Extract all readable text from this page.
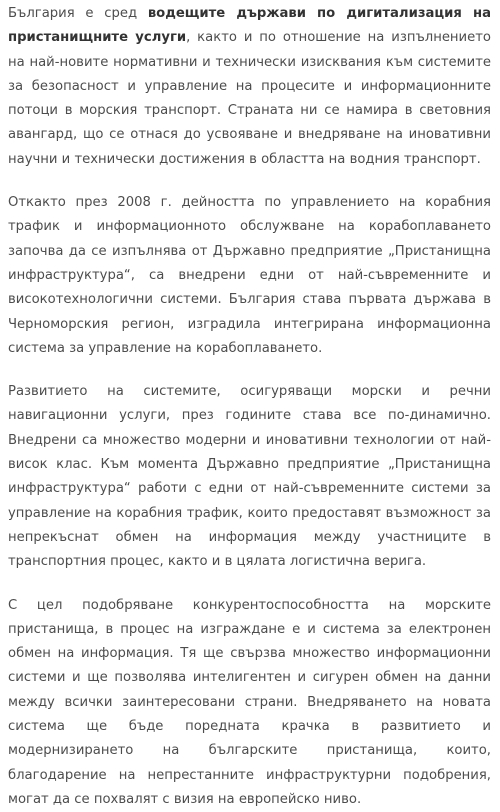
България е сред водещите държави по дигитализация на пристанищните услуги, както и по отношение на изпълнението на най-новите нормативни и технически изисквания към системите за безопасност и управление на процесите и информационните потоци в морския транспорт. Страната ни се намира в световния авангард, що се отнася до усвояване и внедряване на иновативни научни и технически достижения в областта на водния транспорт.

Откакто през 2008 г. дейността по управлението на корабния трафик и информационното обслужване на корабоплаването започва да се изпълнява от Държавно предприятие „Пристанищна инфраструктура“, са внедрени едни от най-съвременните и високотехнологични системи. България става първата държава в Черноморския регион, изградила интегрирана информационна система за управление на корабоплаването.

Развитието на системите, осигуряващи морски и речни навигационни услуги, през годините става все по-динамично. Внедрени са множество модерни и иновативни технологии от най-висок клас. Към момента Държавно предприятие „Пристанищна инфраструктура“ работи с едни от най-съвременните системи за управление на корабния трафик, които предоставят възможност за непрекъснат обмен на информация между участниците в транспортния процес, както и в цялата логистична верига.

С цел подобряване конкурентоспособността на морските пристанища, в процес на изграждане е и система за електронен обмен на информация. Тя ще свързва множество информационни системи и ще позволява интелигентен и сигурен обмен на данни между всички заинтересовани страни. Внедряването на новата система ще бъде поредната крачка в развитието и модернизирането на българските пристанища, които, благодарение на непрестанните инфраструктурни подобрения, могат да се похвалят с визия на европейско ниво.
